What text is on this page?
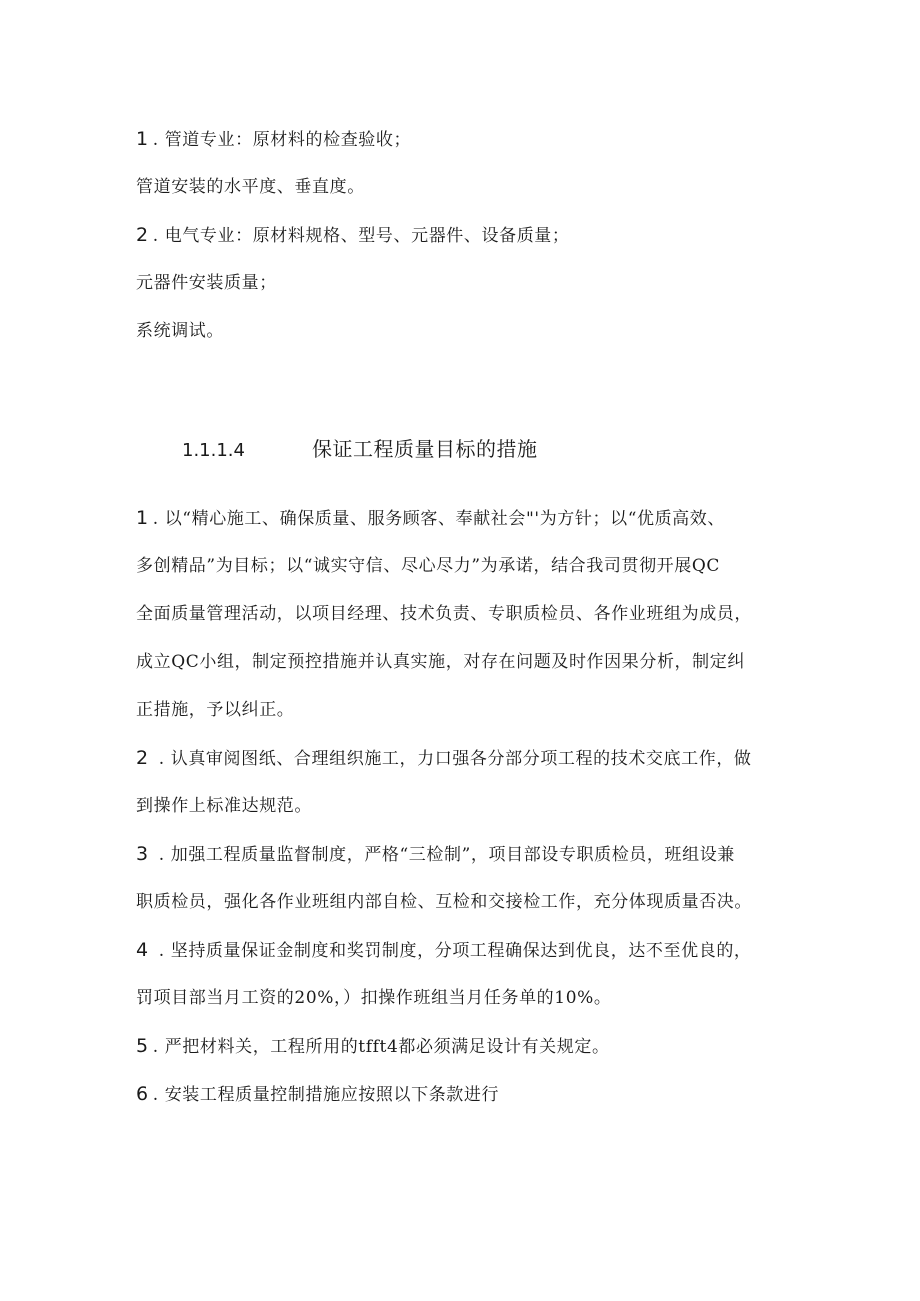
1 . 管道专业：原材料的检查验收；
管道安装的水平度、垂直度。
2 . 电气专业：原材料规格、型号、元器件、设备质量；
元器件安装质量；
系统调试。
1.1.1.4	保证工程质量目标的措施
1 . 以“精心施工、确保质量、服务顾客、奉献社会"'为方针；以“优质高效、
多创精品”为目标；以“诚实守信、尽心尽力”为承诺，结合我司贯彻开展QC
全面质量管理活动，以项目经理、技术负责、专职质检员、各作业班组为成员，
成立QC小组，制定预控措施并认真实施，对存在问题及时作因果分析，制定纠
正措施，予以纠正。
2 . 认真审阅图纸、合理组织施工，力口强各分部分项工程的技术交底工作，做
到操作上标准达规范。
3 . 加强工程质量监督制度，严格“三检制”，项目部设专职质检员，班组设兼
职质检员，强化各作业班组内部自检、互检和交接检工作，充分体现质量否决。
4 . 坚持质量保证金制度和奖罚制度，分项工程确保达到优良，达不至优良的，
罚项目部当月工资的20%，）扣操作班组当月任务单的10%。
5 . 严把材料关，工程所用的tfft4都必须满足设计有关规定。
6 . 安装工程质量控制措施应按照以下条款进行
